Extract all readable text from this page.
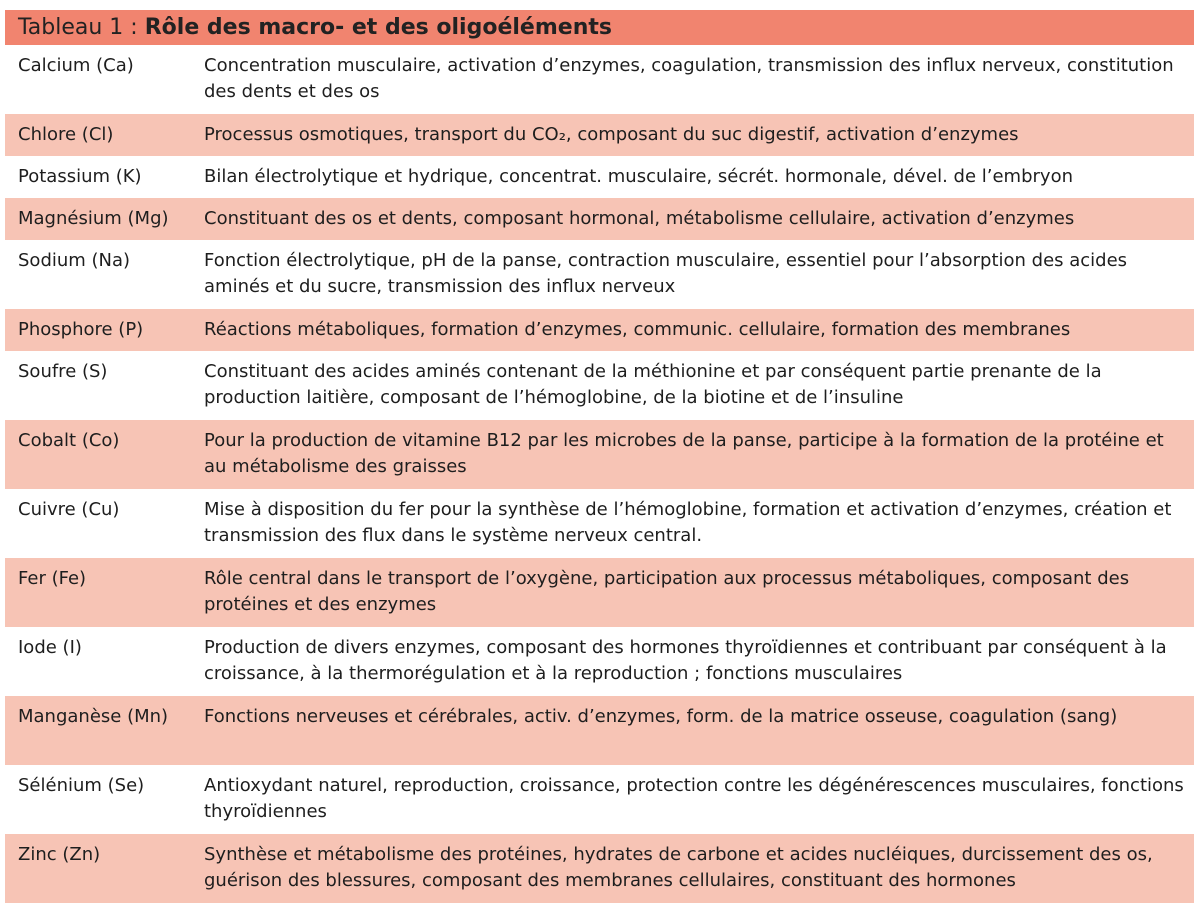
Tableau 1 : Rôle des macro- et des oligoéléments
Calcium (Ca)	Concentration musculaire, activation d’enzymes, coagulation, transmission des influx nerveux, constitution des dents et des os
Chlore (Cl)	Processus osmotiques, transport du CO₂, composant du suc digestif, activation d’enzymes
Potassium (K)	Bilan électrolytique et hydrique, concentrat. musculaire, sécrét. hormonale, dével. de l’embryon
Magnésium (Mg)	Constituant des os et dents, composant hormonal, métabolisme cellulaire, activation d’enzymes
Sodium (Na)	Fonction électrolytique, pH de la panse, contraction musculaire, essentiel pour l’absorption des acides aminés et du sucre, transmission des influx nerveux
Phosphore (P)	Réactions métaboliques, formation d’enzymes, communic. cellulaire, formation des membranes
Soufre (S)	Constituant des acides aminés contenant de la méthionine et par conséquent partie prenante de la production laitière, composant de l’hémoglobine, de la biotine et de l’insuline
Cobalt (Co)	Pour la production de vitamine B12 par les microbes de la panse, participe à la formation de la protéine et au métabolisme des graisses
Cuivre (Cu)	Mise à disposition du fer pour la synthèse de l’hémoglobine, formation et activation d’enzymes, création et transmission des flux dans le système nerveux central.
Fer (Fe)	Rôle central dans le transport de l’oxygène, participation aux processus métaboliques, composant des protéines et des enzymes
Iode (I)	Production de divers enzymes, composant des hormones thyroïdiennes et contribuant par conséquent à la croissance, à la thermorégulation et à la reproduction ; fonctions musculaires
Manganèse (Mn)	Fonctions nerveuses et cérébrales, activ. d’enzymes, form. de la matrice osseuse, coagulation (sang)
Sélénium (Se)	Antioxydant naturel, reproduction, croissance, protection contre les dégénérescences musculaires, fonctions thyroïdiennes
Zinc (Zn)	Synthèse et métabolisme des protéines, hydrates de carbone et acides nucléiques, durcissement des os, guérison des blessures, composant des membranes cellulaires, constituant des hormones
